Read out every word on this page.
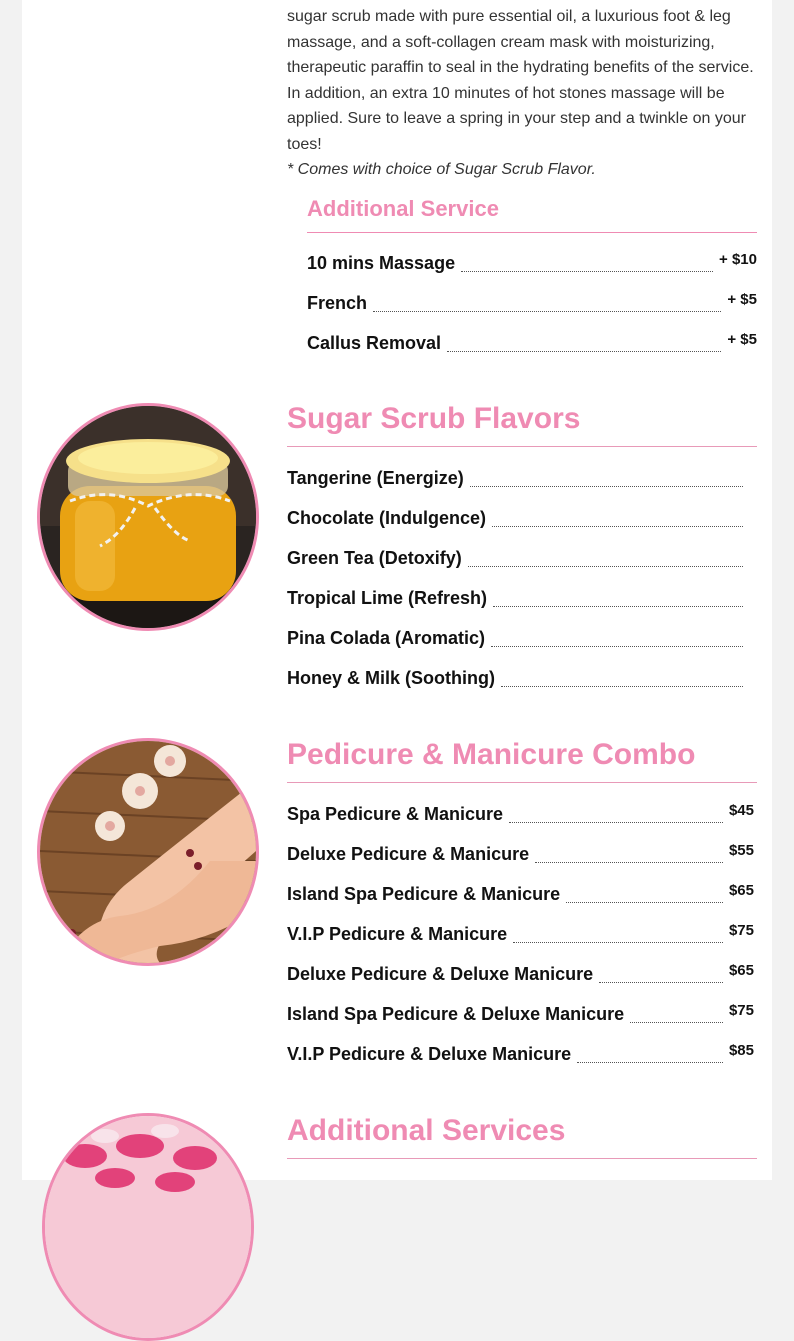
sugar scrub made with pure essential oil, a luxurious foot & leg massage, and a soft-collagen cream mask with moisturizing, therapeutic paraffin to seal in the hydrating benefits of the service. In addition, an extra 10 minutes of hot stones massage will be applied. Sure to leave a spring in your step and a twinkle on your toes!
* Comes with choice of Sugar Scrub Flavor.
Additional Service
10 mins Massage	+ $10
French	+ $5
Callus Removal	+ $5
Sugar Scrub Flavors
Tangerine (Energize)
Chocolate (Indulgence)
Green Tea (Detoxify)
Tropical Lime (Refresh)
Pina Colada (Aromatic)
Honey & Milk (Soothing)
Pedicure & Manicure Combo
Spa Pedicure & Manicure	$45
Deluxe Pedicure & Manicure	$55
Island Spa Pedicure & Manicure	$65
V.I.P Pedicure & Manicure	$75
Deluxe Pedicure & Deluxe Manicure	$65
Island Spa Pedicure & Deluxe Manicure	$75
V.I.P Pedicure & Deluxe Manicure	$85
Additional Services
